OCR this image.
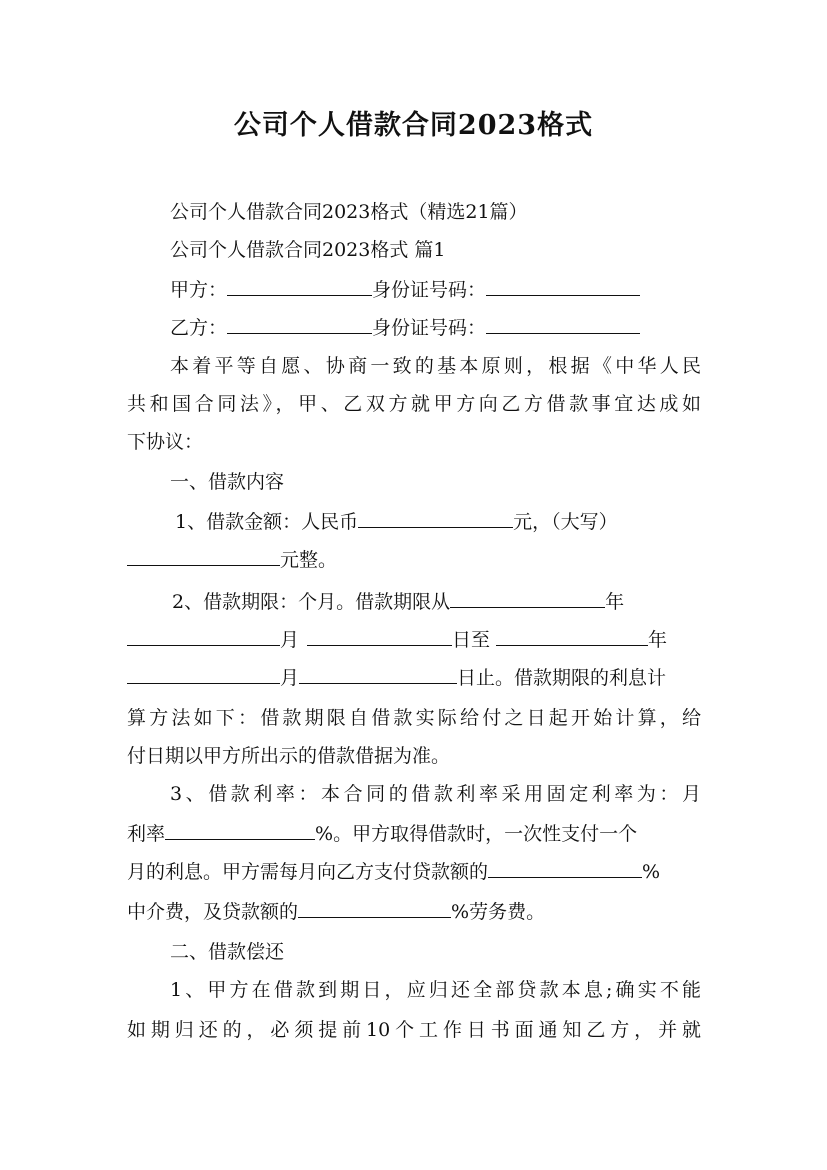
公司个人借款合同2023格式
公司个人借款合同2023格式（精选21篇）
公司个人借款合同2023格式 篇1
甲方：	身份证号码：
乙方：	身份证号码：
本着平等自愿、协商一致的基本原则，根据《中华人民
共和国合同法》，甲、乙双方就甲方向乙方借款事宜达成如
下协议：
一、借款内容
1、借款金额：人民币	元，（大写）
元整。
2、借款期限：个月。借款期限从	年
月	日至	年
月	日止。借款期限的利息计
算方法如下：借款期限自借款实际给付之日起开始计算，给
付日期以甲方所出示的借款借据为准。
3、借款利率：本合同的借款利率采用固定利率为：月
利率	%。甲方取得借款时，一次性支付一个
月的利息。甲方需每月向乙方支付贷款额的	%
中介费，及贷款额的	%劳务费。
二、借款偿还
1、甲方在借款到期日，应归还全部贷款本息;确实不能
如期归还的，必须提前10个工作日书面通知乙方，并就
